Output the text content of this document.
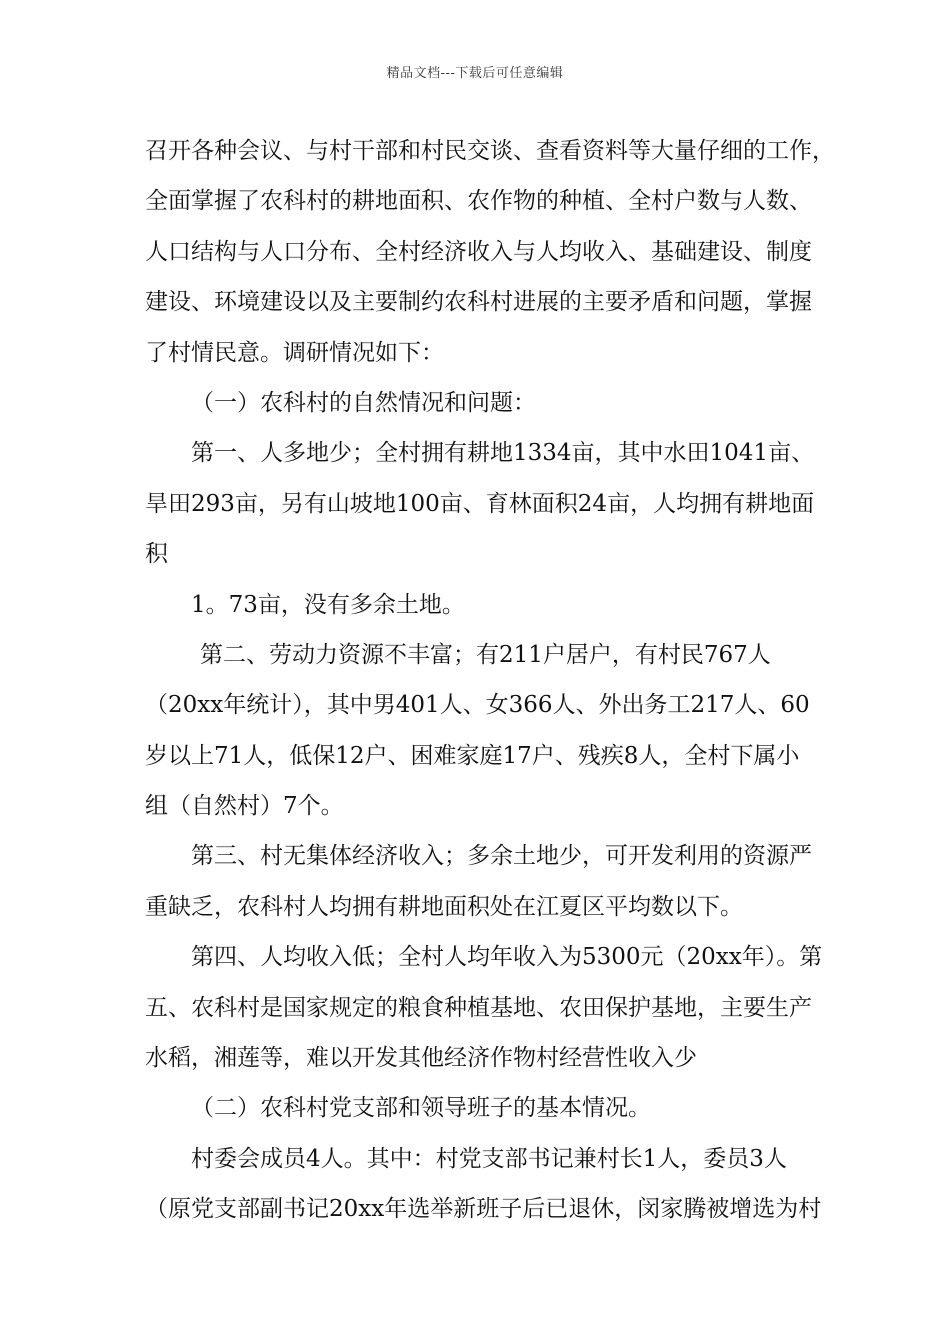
精品文档---下载后可任意编辑
召开各种会议、与村干部和村民交谈、查看资料等大量仔细的工作，
全面掌握了农科村的耕地面积、农作物的种植、全村户数与人数、
人口结构与人口分布、全村经济收入与人均收入、基础建设、制度
建设、环境建设以及主要制约农科村进展的主要矛盾和问题，掌握
了村情民意。调研情况如下：
（一）农科村的自然情况和问题：
第一、人多地少；全村拥有耕地1334亩，其中水田1041亩、
旱田293亩，另有山坡地100亩、育林面积24亩，人均拥有耕地面
积
1。73亩，没有多余土地。
第二、劳动力资源不丰富；有211户居户，有村民767人
（20xx年统计），其中男401人、女366人、外出务工217人、60
岁以上71人，低保12户、困难家庭17户、残疾8人，全村下属小
组（自然村）7个。
第三、村无集体经济收入；多余土地少，可开发利用的资源严
重缺乏，农科村人均拥有耕地面积处在江夏区平均数以下。
第四、人均收入低；全村人均年收入为5300元（20xx年）。第
五、农科村是国家规定的粮食种植基地、农田保护基地，主要生产
水稻，湘莲等，难以开发其他经济作物村经营性收入少
（二）农科村党支部和领导班子的基本情况。
村委会成员4人。其中：村党支部书记兼村长1人，委员3人
（原党支部副书记20xx年选举新班子后已退休，闵家腾被增选为村
